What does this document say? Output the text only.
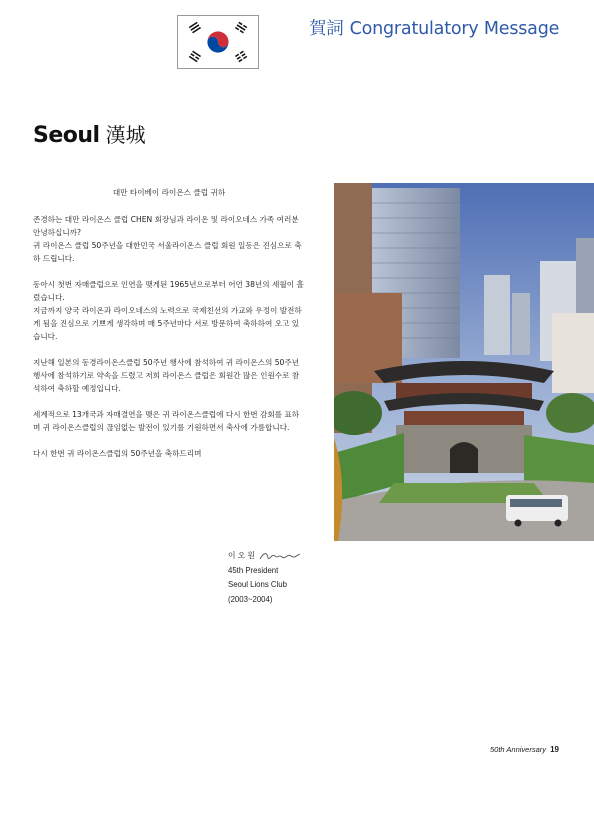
賀詞 Congratulatory Message
Seoul 漢城
대만 타이베이 라이온스 클럽 귀하

존경하는 대만 라이온스 클럽 CHEN 회장님과 라이온 및 라이오네스 가족 여러분 안녕하십니까?
귀 라이온스 클럽 50주년을 대한민국 서울라이온스 클럽 회원 일동은 진심으로 축하 드립니다.

동아시 첫번 자매클럽으로 인연을 맺게된 1965년으로부터 어언 38년의 세월이 흘렀습니다.
지금까지 양국 라이온과 라이오네스의 노력으로 국제친선의 가교와 우정이 발전하게 됨을 진심으로 기쁘게 생각하며 매 5주년마다 서로 방문하여 축하하여 오고 있습니다.

지난해 일본의 동경라이온스클럽 50주년 행사에 참석하여 귀 라이온스의 50주년 행사에 참석하기로 약속을 드렸고 저희 라이온스 클럽은 회원간 많은 인원수로 참석하여 축하할 예정입니다.

세계적으로 13개국과 자매결연을 맺은 귀 라이온스클럽에 다시 한번 감회를 표하며 귀 라이온스클럽의 끊임없는 발전이 있기를 기원하면서 축사에 가름합니다.

다시 한번 귀 라이온스클럽의 50주년을 축하드리며

이 오 원
45th President
Seoul Lions Club
(2003~2004)
50th Anniversary 19
